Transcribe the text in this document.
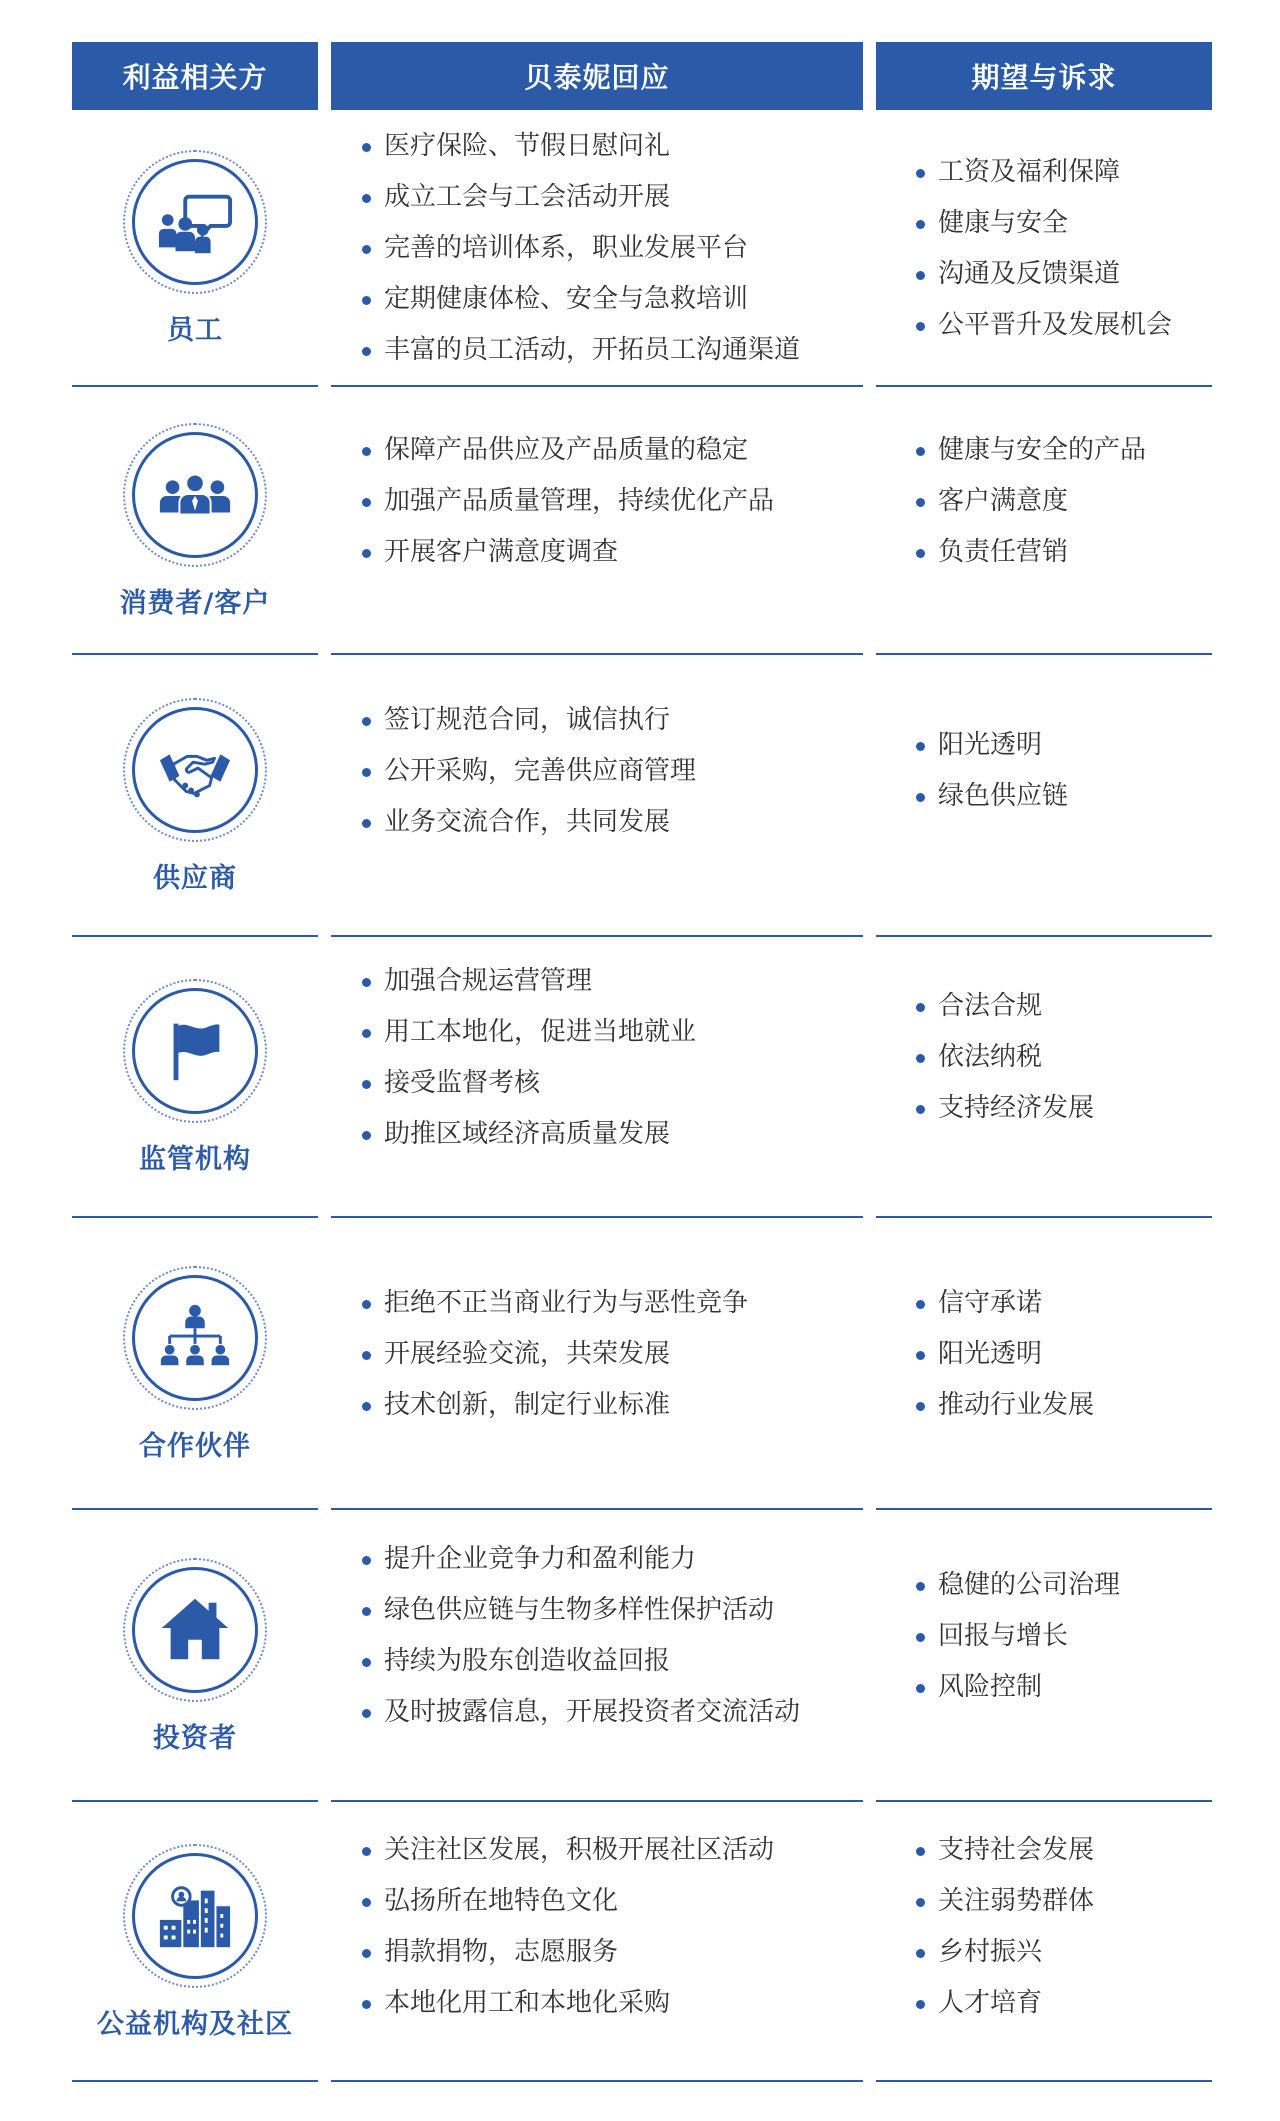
利益相关方	贝泰妮回应	期望与诉求
员工
医疗保险、节假日慰问礼
成立工会与工会活动开展
完善的培训体系，职业发展平台
定期健康体检、安全与急救培训
丰富的员工活动，开拓员工沟通渠道
工资及福利保障
健康与安全
沟通及反馈渠道
公平晋升及发展机会
消费者/客户
保障产品供应及产品质量的稳定
加强产品质量管理，持续优化产品
开展客户满意度调查
健康与安全的产品
客户满意度
负责任营销
供应商
签订规范合同，诚信执行
公开采购，完善供应商管理
业务交流合作，共同发展
阳光透明
绿色供应链
监管机构
加强合规运营管理
用工本地化，促进当地就业
接受监督考核
助推区域经济高质量发展
合法合规
依法纳税
支持经济发展
合作伙伴
拒绝不正当商业行为与恶性竞争
开展经验交流，共荣发展
技术创新，制定行业标准
信守承诺
阳光透明
推动行业发展
投资者
提升企业竞争力和盈利能力
绿色供应链与生物多样性保护活动
持续为股东创造收益回报
及时披露信息，开展投资者交流活动
稳健的公司治理
回报与增长
风险控制
公益机构及社区
关注社区发展，积极开展社区活动
弘扬所在地特色文化
捐款捐物，志愿服务
本地化用工和本地化采购
支持社会发展
关注弱势群体
乡村振兴
人才培育
